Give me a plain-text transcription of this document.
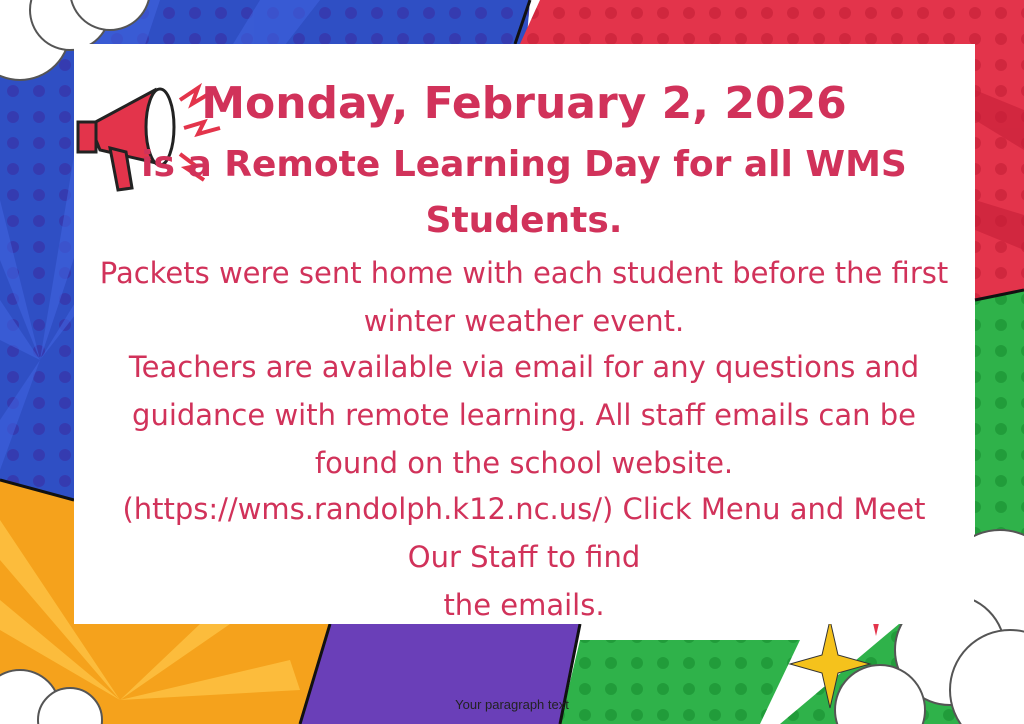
Monday, February 2, 2026
is a Remote Learning Day for all WMS
Students.
Packets were sent home with each student before the first
winter weather event.
Teachers are available via email for any questions and
guidance with remote learning. All staff emails can be
found on the school website.
(https://wms.randolph.k12.nc.us/) Click Menu and Meet
Our Staff to find
the emails.
Your paragraph text
